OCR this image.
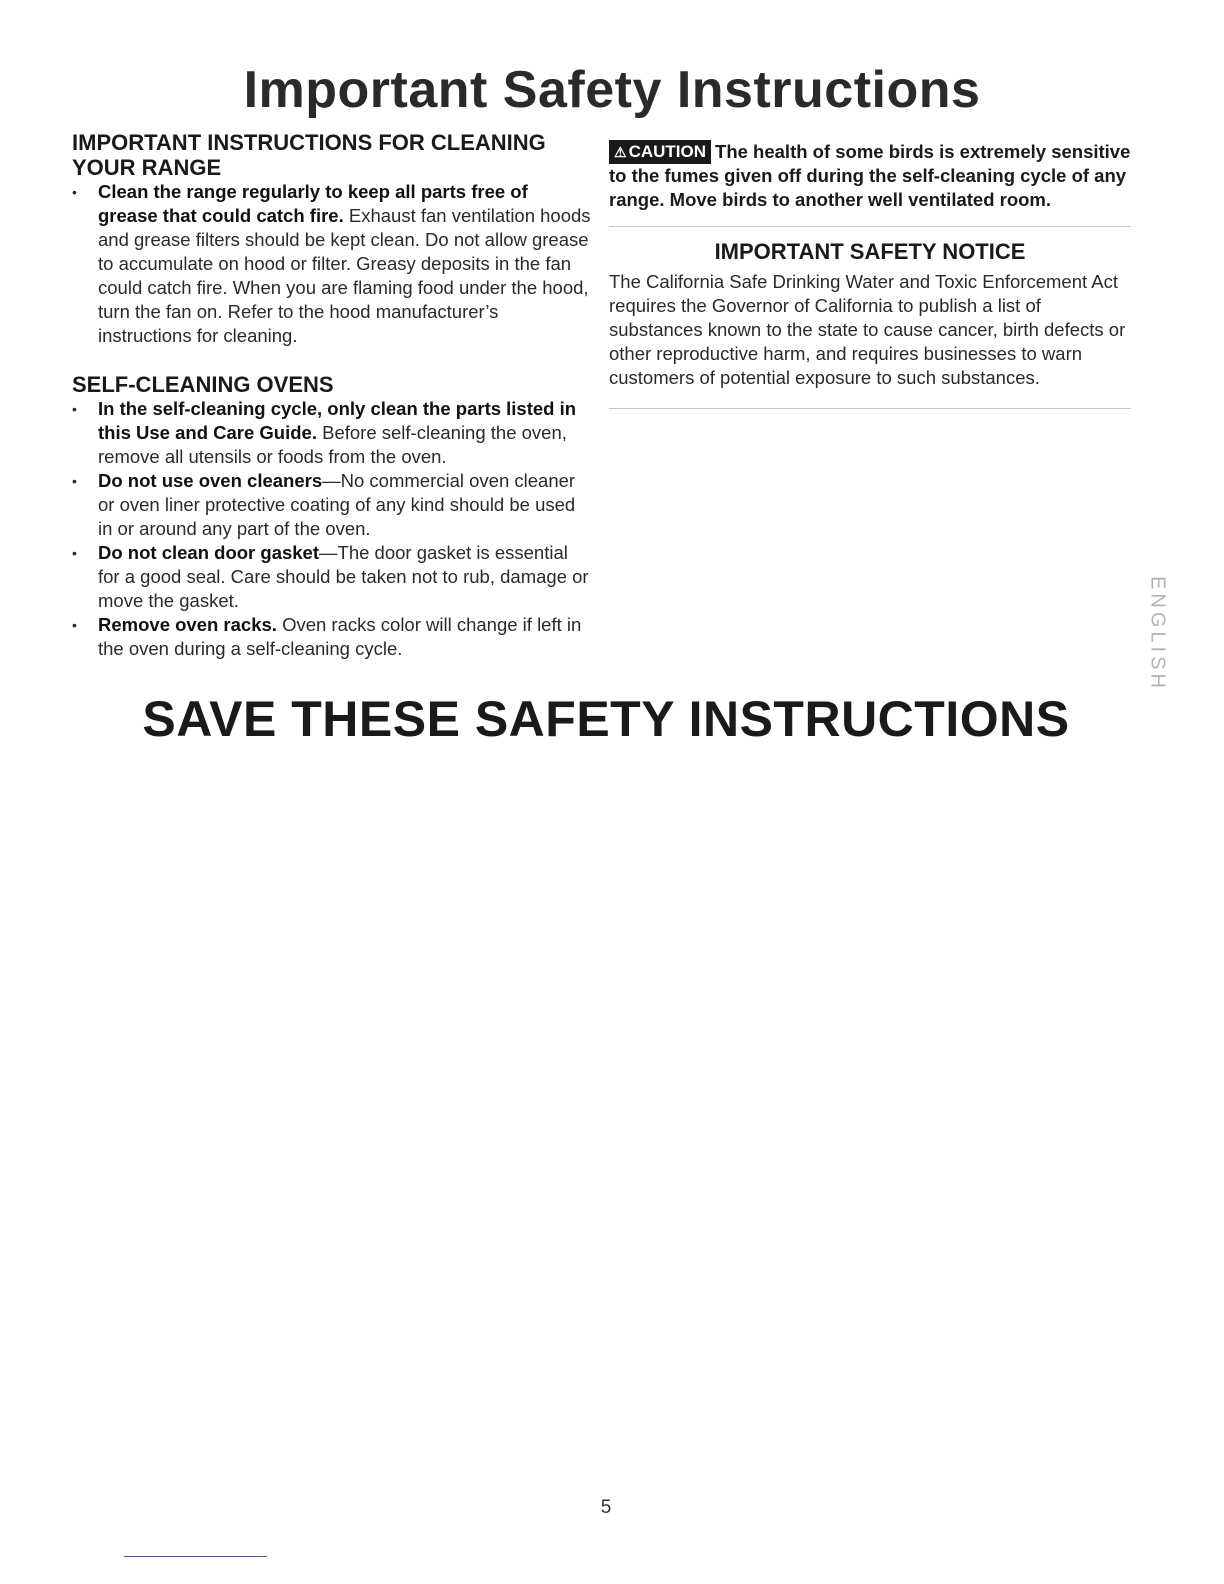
Important Safety Instructions
IMPORTANT INSTRUCTIONS FOR CLEANING YOUR RANGE
• Clean the range regularly to keep all parts free of grease that could catch fire. Exhaust fan ventilation hoods and grease filters should be kept clean. Do not allow grease to accumulate on hood or filter. Greasy deposits in the fan could catch fire. When you are flaming food under the hood, turn the fan on. Refer to the hood manufacturer’s instructions for cleaning.
SELF-CLEANING OVENS
• In the self-cleaning cycle, only clean the parts listed in this Use and Care Guide. Before self-cleaning the oven, remove all utensils or foods from the oven.
• Do not use oven cleaners—No commercial oven cleaner or oven liner protective coating of any kind should be used in or around any part of the oven.
• Do not clean door gasket—The door gasket is essential for a good seal. Care should be taken not to rub, damage or move the gasket.
• Remove oven racks. Oven racks color will change if left in the oven during a self-cleaning cycle.

⚠ CAUTION The health of some birds is extremely sensitive to the fumes given off during the self-cleaning cycle of any range. Move birds to another well ventilated room.

IMPORTANT SAFETY NOTICE

The California Safe Drinking Water and Toxic Enforcement Act requires the Governor of California to publish a list of substances known to the state to cause cancer, birth defects or other reproductive harm, and requires businesses to warn customers of potential exposure to such substances.

ENGLISH
SAVE THESE SAFETY INSTRUCTIONS
5
